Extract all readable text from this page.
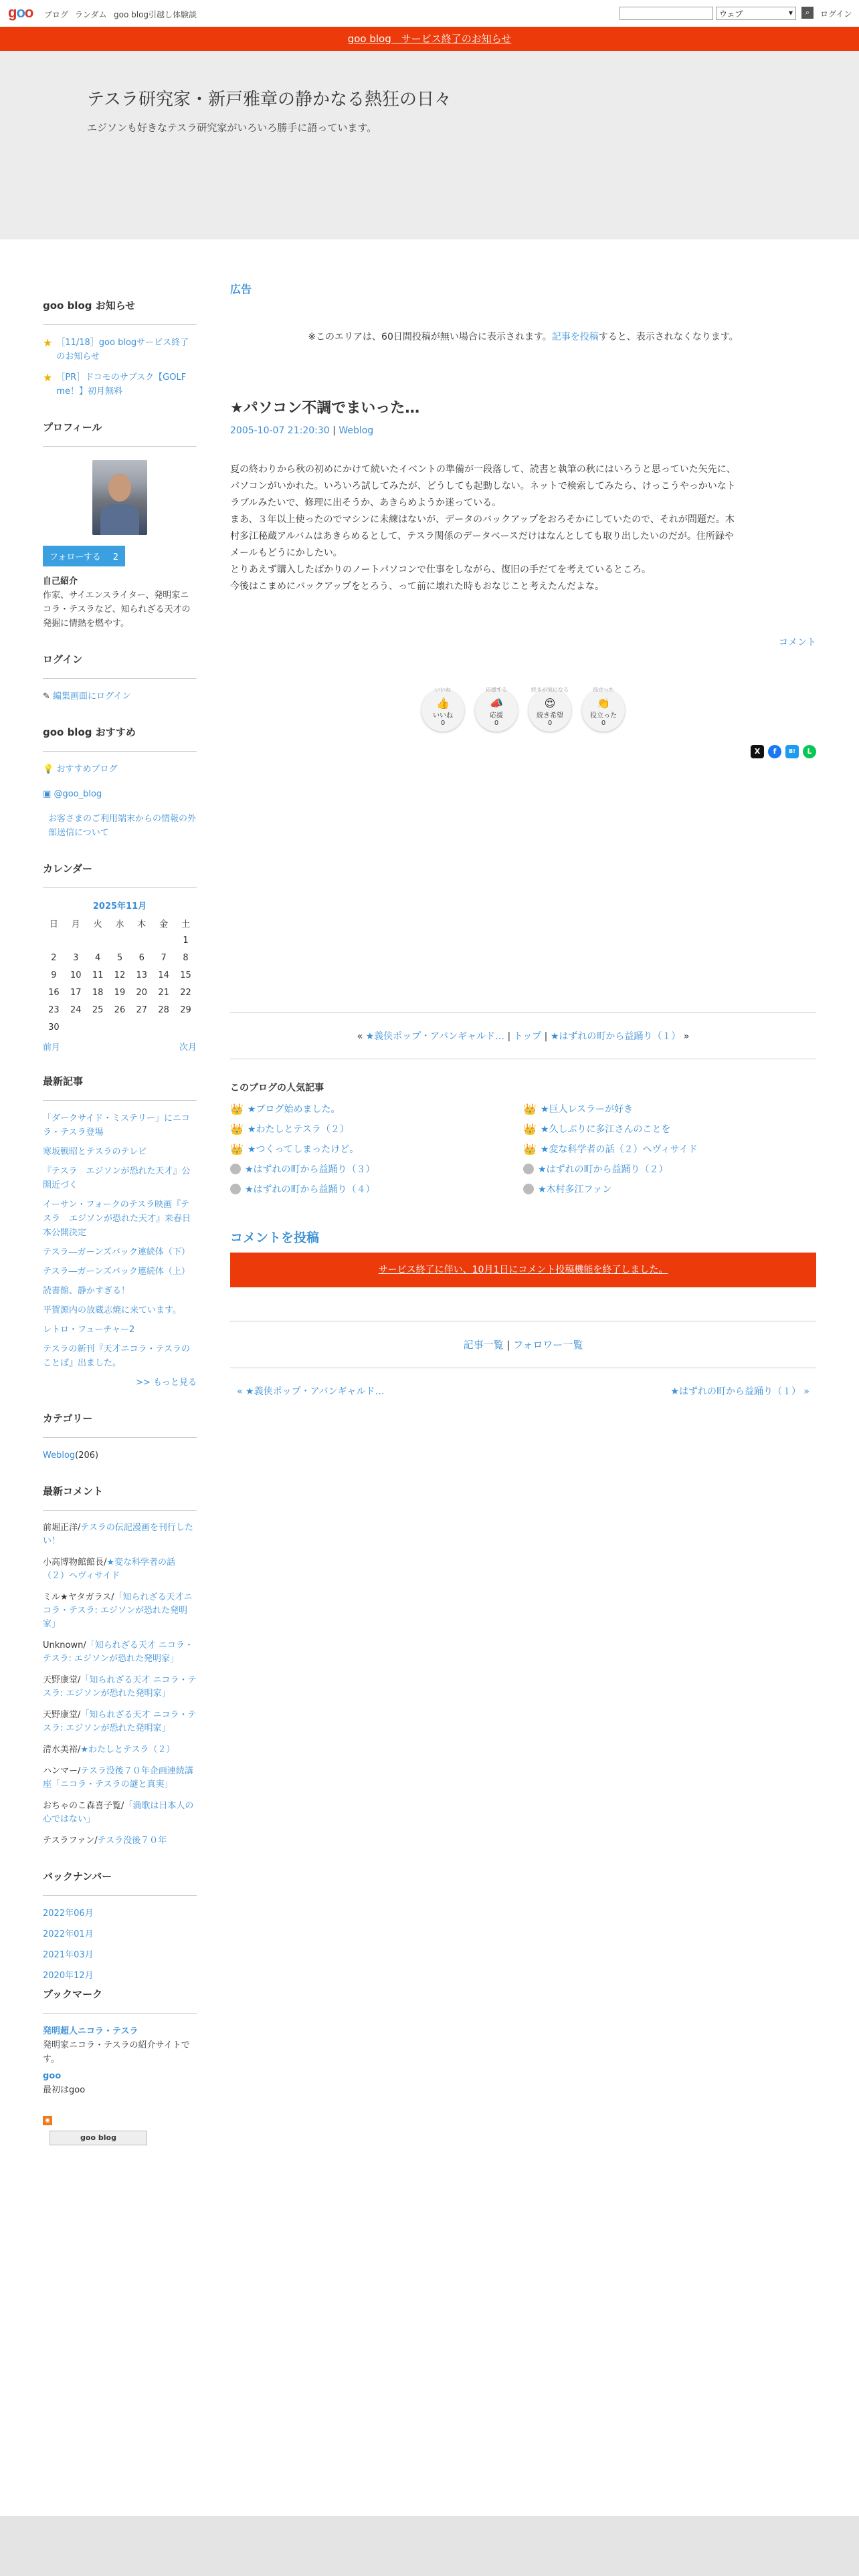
goo ブログ ランダム goo blog引越し体験談	ウェブ ▾	⌕	ログイン
goo blog　サービス終了のお知らせ
テスラ研究家・新戸雅章の静かなる熱狂の日々
エジソンも好きなテスラ研究家がいろいろ勝手に語っています。
goo blog お知らせ
★ ［11/18］goo blogサービス終了のお知らせ
★ ［PR］ドコモのサブスク【GOLF me！】初月無料
プロフィール
フォローする 2
自己紹介
作家、サイエンスライター、発明家ニコラ・テスラなど、知られざる天才の発掘に情熱を燃やす。
ログイン
✎ 編集画面にログイン
goo blog おすすめ
💡 おすすめブログ
▣ @goo_blog
お客さまのご利用端末からの情報の外部送信について
カレンダー
2025年11月
日	月	火	水	木	金	土
						1
2	3	4	5	6	7	8
9	10	11	12	13	14	15
16	17	18	19	20	21	22
23	24	25	26	27	28	29
30						
前月	次月
最新記事
「ダークサイド・ミステリー」にニコラ・テスラ登場
寒坂戦昭とテスラのテレビ
『テスラ　エジソンが恐れた天才』公開近づく
イーサン・フォークのテスラ映画『テスラ　エジソンが恐れた天才』来春日本公開決定
テスラ―ガーンズバック連続体（下）
テスラ―ガーンズバック連続体（上）
読書館、静かすぎる！
平賀源内の放蔵志焼に来ています。
レトロ・フューチャー2
テスラの新刊『天才ニコラ・テスラのことば』出ました。
>> もっと見る
カテゴリー
Weblog(206)
最新コメント
前堀正洋/テスラの伝記漫画を刊行したい！
小高博物館館長/★変な科学者の話（２）ヘヴィサイド
ミル★ヤタガラス/「知られざる天才ニコラ・テスラ: エジソンが恐れた発明家」
Unknown/「知られざる天才 ニコラ・テスラ: エジソンが恐れた発明家」
天野康堂/「知られざる天才 ニコラ・テスラ: エジソンが恐れた発明家」
天野康堂/「知られざる天才 ニコラ・テスラ: エジソンが恐れた発明家」
清水美裕/★わたしとテスラ（２）
ハンマー/テスラ没後７０年企画連続講座「ニコラ・テスラの謎と真実」
おちゃのこ森喜子覧/「満歌は日本人の心ではない」
テスラファン/テスラ没後７０年
バックナンバー
2022年06月
2022年01月
2021年03月
2020年12月
ブックマーク
発明超人ニコラ・テスラ
発明家ニコラ・テスラの紹介サイトです。
goo
最初はgoo
◉
goo blog
広告
※このエリアは、60日間投稿が無い場合に表示されます。記事を投稿すると、表示されなくなります。
★パソコン不調でまいった…
2005-10-07 21:20:30 | Weblog
夏の終わりから秋の初めにかけて続いたイベントの準備が一段落して、読書と執筆の秋にはいろうと思っていた矢先に、
パソコンがいかれた。いろいろ試してみたが、どうしても起動しない。ネットで検索してみたら、けっこうやっかいなト
ラブルみたいで、修理に出そうか、あきらめようか迷っている。
まあ、３年以上使ったのでマシンに未練はないが、データのバックアップをおろそかにしていたので、それが問題だ。木
村多江秘蔵アルバムはあきらめるとして、テスラ関係のデータベースだけはなんとしても取り出したいのだが。住所録や
メールもどうにかしたい。
とりあえず購入したばかりのノートパソコンで仕事をしながら、復旧の手だてを考えているところ。
今後はこまめにバックアップをとろう、って前に壊れた時もおなじこと考えたんだよな。
コメント
いいね
👍
いいね
0
応援する
📣
応援
0
続きが気になる
😍
続き希望
0
役立った
👏
役立った
0
X	f	B!	L
« ★義侠ポップ・アバンギャルド… | トップ | ★はずれの町から益踊り（１） »
このブログの人気記事
👑 ★ブログ始めました。	👑 ★巨人レスラーが好き
👑 ★わたしとテスラ（２）	👑 ★久しぶりに多江さんのことを
👑 ★つくってしまったけど。	👑 ★変な科学者の話（２）ヘヴィサイド
★はずれの町から益踊り（３）	★はずれの町から益踊り（２）
★はずれの町から益踊り（４）	★木村多江ファン
コメントを投稿
サービス終了に伴い、10月1日にコメント投稿機能を終了しました。
記事一覧 | フォロワー一覧
« ★義侠ポップ・アバンギャルド…	★はずれの町から益踊り（１） »
